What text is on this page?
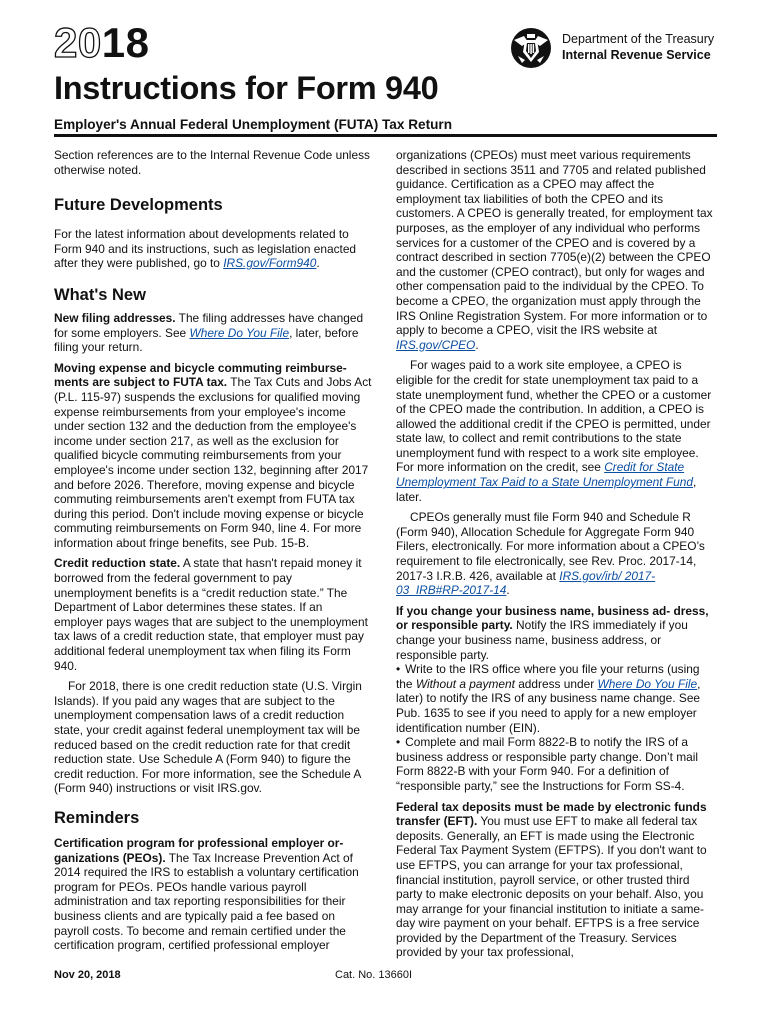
2018	Department of the Treasury
Internal Revenue Service
Instructions for Form 940
Employer's Annual Federal Unemployment (FUTA) Tax Return

Section references are to the Internal Revenue Code unless otherwise noted.

Future Developments

For the latest information about developments related to Form 940 and its instructions, such as legislation enacted after they were published, go to IRS.gov/Form940.

What's New

New filing addresses. The filing addresses have changed for some employers. See Where Do You File, later, before filing your return.

Moving expense and bicycle commuting reimburse- ments are subject to FUTA tax. The Tax Cuts and Jobs Act (P.L. 115-97) suspends the exclusions for qualified moving expense reimbursements from your employee's income under section 132 and the deduction from the employee's income under section 217, as well as the exclusion for qualified bicycle commuting reimbursements from your employee's income under section 132, beginning after 2017 and before 2026. Therefore, moving expense and bicycle commuting reimbursements aren't exempt from FUTA tax during this period. Don't include moving expense or bicycle commuting reimbursements on Form 940, line 4. For more information about fringe benefits, see Pub. 15-B.

Credit reduction state. A state that hasn't repaid money it borrowed from the federal government to pay unemployment benefits is a “credit reduction state.” The Department of Labor determines these states. If an employer pays wages that are subject to the unemployment tax laws of a credit reduction state, that employer must pay additional federal unemployment tax when filing its Form 940.

For 2018, there is one credit reduction state (U.S. Virgin Islands). If you paid any wages that are subject to the unemployment compensation laws of a credit reduction state, your credit against federal unemployment tax will be reduced based on the credit reduction rate for that credit reduction state. Use Schedule A (Form 940) to figure the credit reduction. For more information, see the Schedule A (Form 940) instructions or visit IRS.gov.

Reminders

Certification program for professional employer or- ganizations (PEOs). The Tax Increase Prevention Act of 2014 required the IRS to establish a voluntary certification program for PEOs. PEOs handle various payroll administration and tax reporting responsibilities for their business clients and are typically paid a fee based on payroll costs. To become and remain certified under the certification program, certified professional employer

organizations (CPEOs) must meet various requirements described in sections 3511 and 7705 and related published guidance. Certification as a CPEO may affect the employment tax liabilities of both the CPEO and its customers. A CPEO is generally treated, for employment tax purposes, as the employer of any individual who performs services for a customer of the CPEO and is covered by a contract described in section 7705(e)(2) between the CPEO and the customer (CPEO contract), but only for wages and other compensation paid to the individual by the CPEO. To become a CPEO, the organization must apply through the IRS Online Registration System. For more information or to apply to become a CPEO, visit the IRS website at IRS.gov/CPEO.

For wages paid to a work site employee, a CPEO is eligible for the credit for state unemployment tax paid to a state unemployment fund, whether the CPEO or a customer of the CPEO made the contribution. In addition, a CPEO is allowed the additional credit if the CPEO is permitted, under state law, to collect and remit contributions to the state unemployment fund with respect to a work site employee. For more information on the credit, see Credit for State Unemployment Tax Paid to a State Unemployment Fund, later.

CPEOs generally must file Form 940 and Schedule R (Form 940), Allocation Schedule for Aggregate Form 940 Filers, electronically. For more information about a CPEO’s requirement to file electronically, see Rev. Proc. 2017-14, 2017-3 I.R.B. 426, available at IRS.gov/irb/ 2017-03_IRB#RP-2017-14.

If you change your business name, business ad- dress, or responsible party. Notify the IRS immediately if you change your business name, business address, or responsible party.

• Write to the IRS office where you file your returns (using the Without a payment address under Where Do You File, later) to notify the IRS of any business name change. See Pub. 1635 to see if you need to apply for a new employer identification number (EIN).

• Complete and mail Form 8822-B to notify the IRS of a business address or responsible party change. Don’t mail Form 8822-B with your Form 940. For a definition of “responsible party,” see the Instructions for Form SS-4.

Federal tax deposits must be made by electronic funds transfer (EFT). You must use EFT to make all federal tax deposits. Generally, an EFT is made using the Electronic Federal Tax Payment System (EFTPS). If you don't want to use EFTPS, you can arrange for your tax professional, financial institution, payroll service, or other trusted third party to make electronic deposits on your behalf. Also, you may arrange for your financial institution to initiate a same-day wire payment on your behalf. EFTPS is a free service provided by the Department of the Treasury. Services provided by your tax professional,

Nov 20, 2018	Cat. No. 13660I
